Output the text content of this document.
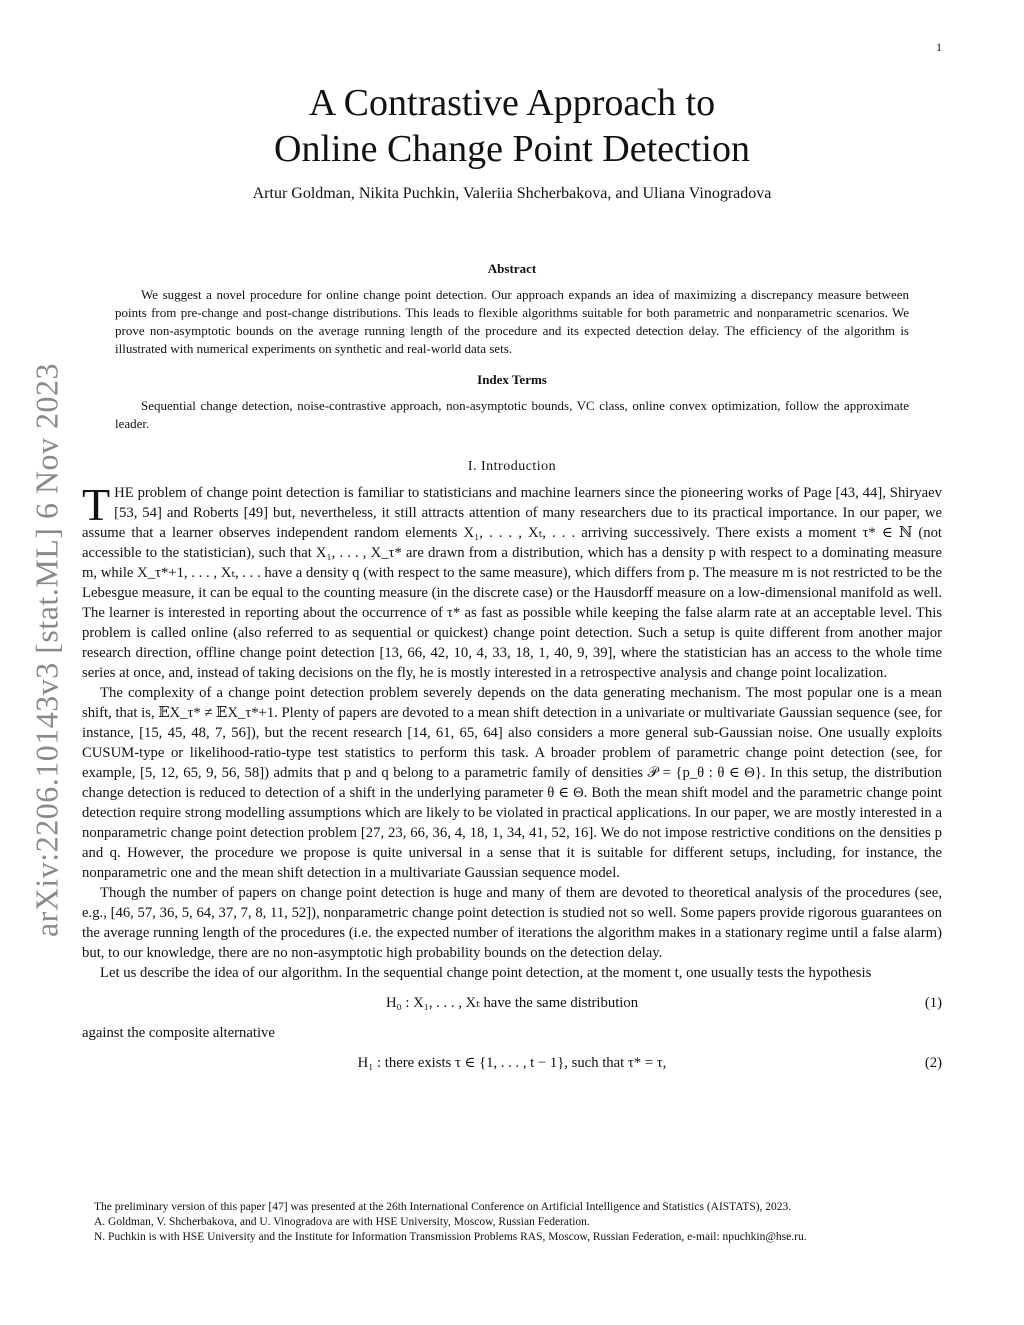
1
arXiv:2206.10143v3 [stat.ML] 6 Nov 2023
A Contrastive Approach to
Online Change Point Detection
Artur Goldman, Nikita Puchkin, Valeriia Shcherbakova, and Uliana Vinogradova
Abstract
We suggest a novel procedure for online change point detection. Our approach expands an idea of maximizing a discrepancy measure between points from pre-change and post-change distributions. This leads to flexible algorithms suitable for both parametric and nonparametric scenarios. We prove non-asymptotic bounds on the average running length of the procedure and its expected detection delay. The efficiency of the algorithm is illustrated with numerical experiments on synthetic and real-world data sets.
Index Terms
Sequential change detection, noise-contrastive approach, non-asymptotic bounds, VC class, online convex optimization, follow the approximate leader.
I. Introduction

THE problem of change point detection is familiar to statisticians and machine learners since the pioneering works of Page [43, 44], Shiryaev [53, 54] and Roberts [49] but, nevertheless, it still attracts attention of many researchers due to its practical importance. In our paper, we assume that a learner observes independent random elements X₁, . . . , Xₜ, . . . arriving successively. There exists a moment τ* ∈ ℕ (not accessible to the statistician), such that X₁, . . . , X_τ* are drawn from a distribution, which has a density p with respect to a dominating measure m, while X_τ*+1, . . . , Xₜ, . . . have a density q (with respect to the same measure), which differs from p. The measure m is not restricted to be the Lebesgue measure, it can be equal to the counting measure (in the discrete case) or the Hausdorff measure on a low-dimensional manifold as well. The learner is interested in reporting about the occurrence of τ* as fast as possible while keeping the false alarm rate at an acceptable level. This problem is called online (also referred to as sequential or quickest) change point detection. Such a setup is quite different from another major research direction, offline change point detection [13, 66, 42, 10, 4, 33, 18, 1, 40, 9, 39], where the statistician has an access to the whole time series at once, and, instead of taking decisions on the fly, he is mostly interested in a retrospective analysis and change point localization.

The complexity of a change point detection problem severely depends on the data generating mechanism. The most popular one is a mean shift, that is, 𝔼X_τ* ≠ 𝔼X_τ*+1. Plenty of papers are devoted to a mean shift detection in a univariate or multivariate Gaussian sequence (see, for instance, [15, 45, 48, 7, 56]), but the recent research [14, 61, 65, 64] also considers a more general sub-Gaussian noise. One usually exploits CUSUM-type or likelihood-ratio-type test statistics to perform this task. A broader problem of parametric change point detection (see, for example, [5, 12, 65, 9, 56, 58]) admits that p and q belong to a parametric family of densities 𝒫 = {p_θ : θ ∈ Θ}. In this setup, the distribution change detection is reduced to detection of a shift in the underlying parameter θ ∈ Θ. Both the mean shift model and the parametric change point detection require strong modelling assumptions which are likely to be violated in practical applications. In our paper, we are mostly interested in a nonparametric change point detection problem [27, 23, 66, 36, 4, 18, 1, 34, 41, 52, 16]. We do not impose restrictive conditions on the densities p and q. However, the procedure we propose is quite universal in a sense that it is suitable for different setups, including, for instance, the nonparametric one and the mean shift detection in a multivariate Gaussian sequence model.

Though the number of papers on change point detection is huge and many of them are devoted to theoretical analysis of the procedures (see, e.g., [46, 57, 36, 5, 64, 37, 7, 8, 11, 52]), nonparametric change point detection is studied not so well. Some papers provide rigorous guarantees on the average running length of the procedures (i.e. the expected number of iterations the algorithm makes in a stationary regime until a false alarm) but, to our knowledge, there are no non-asymptotic high probability bounds on the detection delay.

Let us describe the idea of our algorithm. In the sequential change point detection, at the moment t, one usually tests the hypothesis

H₀ : X₁, . . . , Xₜ have the same distribution	(1)

against the composite alternative

H₁ : there exists τ ∈ {1, . . . , t − 1}, such that τ* = τ,	(2)
The preliminary version of this paper [47] was presented at the 26th International Conference on Artificial Intelligence and Statistics (AISTATS), 2023.
A. Goldman, V. Shcherbakova, and U. Vinogradova are with HSE University, Moscow, Russian Federation.
N. Puchkin is with HSE University and the Institute for Information Transmission Problems RAS, Moscow, Russian Federation, e-mail: npuchkin@hse.ru.
